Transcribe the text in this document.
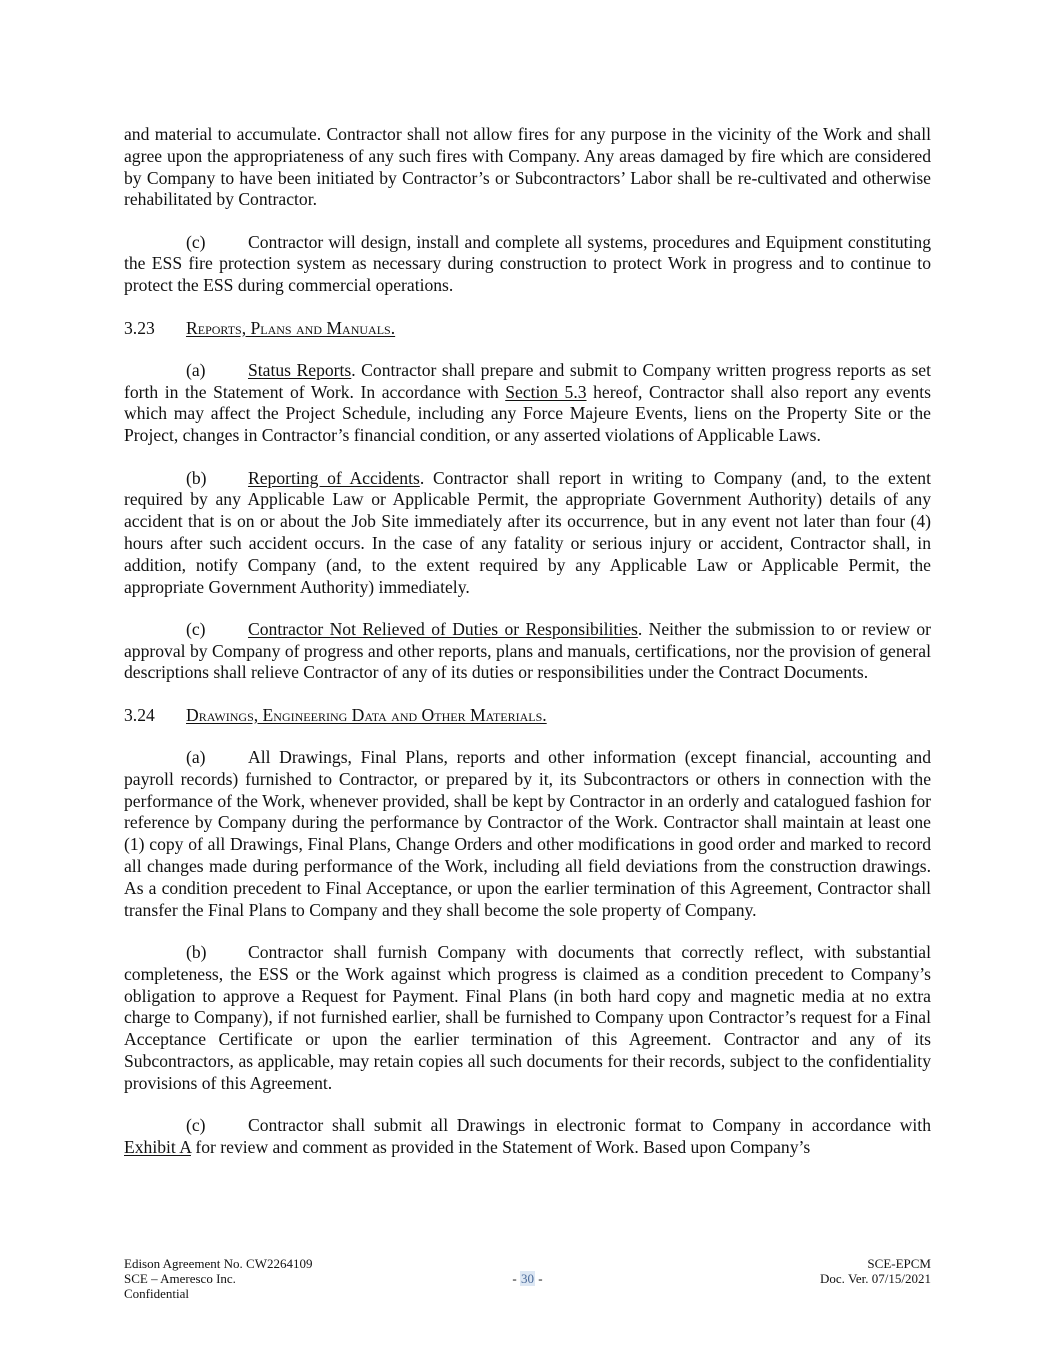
and material to accumulate. Contractor shall not allow fires for any purpose in the vicinity of the Work and shall agree upon the appropriateness of any such fires with Company. Any areas damaged by fire which are considered by Company to have been initiated by Contractor’s or Subcontractors’ Labor shall be re-cultivated and otherwise rehabilitated by Contractor.

(c) Contractor will design, install and complete all systems, procedures and Equipment constituting the ESS fire protection system as necessary during construction to protect Work in progress and to continue to protect the ESS during commercial operations.

3.23 Reports, Plans and Manuals.

(a) Status Reports. Contractor shall prepare and submit to Company written progress reports as set forth in the Statement of Work. In accordance with Section 5.3 hereof, Contractor shall also report any events which may affect the Project Schedule, including any Force Majeure Events, liens on the Property Site or the Project, changes in Contractor’s financial condition, or any asserted violations of Applicable Laws.

(b) Reporting of Accidents. Contractor shall report in writing to Company (and, to the extent required by any Applicable Law or Applicable Permit, the appropriate Government Authority) details of any accident that is on or about the Job Site immediately after its occurrence, but in any event not later than four (4) hours after such accident occurs. In the case of any fatality or serious injury or accident, Contractor shall, in addition, notify Company (and, to the extent required by any Applicable Law or Applicable Permit, the appropriate Government Authority) immediately.

(c) Contractor Not Relieved of Duties or Responsibilities. Neither the submission to or review or approval by Company of progress and other reports, plans and manuals, certifications, nor the provision of general descriptions shall relieve Contractor of any of its duties or responsibilities under the Contract Documents.

3.24 Drawings, Engineering Data and Other Materials.

(a) All Drawings, Final Plans, reports and other information (except financial, accounting and payroll records) furnished to Contractor, or prepared by it, its Subcontractors or others in connection with the performance of the Work, whenever provided, shall be kept by Contractor in an orderly and catalogued fashion for reference by Company during the performance by Contractor of the Work. Contractor shall maintain at least one (1) copy of all Drawings, Final Plans, Change Orders and other modifications in good order and marked to record all changes made during performance of the Work, including all field deviations from the construction drawings. As a condition precedent to Final Acceptance, or upon the earlier termination of this Agreement, Contractor shall transfer the Final Plans to Company and they shall become the sole property of Company.

(b) Contractor shall furnish Company with documents that correctly reflect, with substantial completeness, the ESS or the Work against which progress is claimed as a condition precedent to Company’s obligation to approve a Request for Payment. Final Plans (in both hard copy and magnetic media at no extra charge to Company), if not furnished earlier, shall be furnished to Company upon Contractor’s request for a Final Acceptance Certificate or upon the earlier termination of this Agreement. Contractor and any of its Subcontractors, as applicable, may retain copies all such documents for their records, subject to the confidentiality provisions of this Agreement.

(c) Contractor shall submit all Drawings in electronic format to Company in accordance with Exhibit A for review and comment as provided in the Statement of Work. Based upon Company’s

Edison Agreement No. CW2264109
SCE – Ameresco Inc.
Confidential
- 30 -
SCE-EPCM
Doc. Ver. 07/15/2021
